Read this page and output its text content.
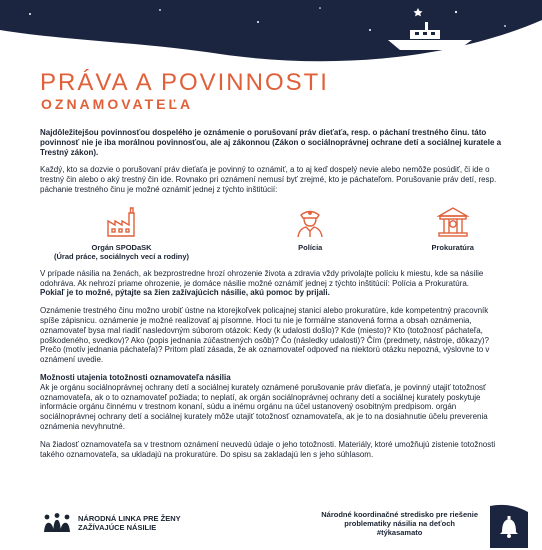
PRÁVA A POVINNOSTI
OZNAMOVATEĽA

Najdôležitejšou povinnosťou dospelého je oznámenie o porušovaní práv dieťaťa, resp. o páchaní trestného činu. táto povinnosť nie je iba morálnou povinnosťou, ale aj zákonnou (Zákon o sociálnoprávnej ochrane detí a sociálnej kuratele a Trestný zákon).

Každý, kto sa dozvie o porušovaní práv dieťaťa je povinný to oznámiť, a to aj keď dospelý nevie alebo nemôže posúdiť, či ide o trestný čin alebo o aký trestný čin ide. Rovnako pri oznámení nemusí byť zrejmé, kto je páchateľom. Porušovanie práv detí, resp. páchanie trestného činu je možné oznámiť jednej z týchto inštitúcií:

Orgán SPODaSK
(Úrad práce, sociálnych vecí a rodiny)
Polícia	Prokuratúra

V prípade násilia na ženách, ak bezprostredne hrozí ohrozenie života a zdravia vždy privolajte políciu k miestu, kde sa násilie odohráva. Ak nehrozí priame ohrozenie, je domáce násilie možné oznámiť jednej z týchto inštitúcií: Polícia a Prokuratúra.

Pokiaľ je to možné, pýtajte sa žien zažívajúcich násilie, akú pomoc by prijali.

Oznámenie trestného činu možno urobiť ústne na ktorejkoľvek policajnej stanici alebo prokuratúre, kde kompetentný pracovník spíše zápisnicu. oznámenie je možné realizovať aj písomne. Hoci tu nie je formálne stanovená forma a obsah oznámenia, oznamovateľ bysa mal riadiť nasledovným súborom otázok: Kedy (k udalosti došlo)? Kde (miesto)? Kto (totožnosť páchateľa, poškodeného, svedkov)? Ako (popis jednania zúčastnených osôb)? Čo (následky udalosti)? Čím (predmety, nástroje, dôkazy)? Prečo (motív jednania páchateľa)? Pritom platí zásada, že ak oznamovateľ odpoveď na niektorú otázku nepozná, výslovne to v oznámení uvedie.

Možnosti utajenia totožnosti oznamovateľa násilia

Ak je orgánu sociálnoprávnej ochrany detí a sociálnej kurately oznámené porušovanie práv dieťaťa, je povinný utajiť totožnosť oznamovateľa, ak o to oznamovateľ požiada; to neplatí, ak orgán sociálnoprávnej ochrany detí a sociálnej kurately poskytuje informácie orgánu činnému v trestnom konaní, súdu a inému orgánu na účel ustanovený osobitným predpisom. orgán sociálnoprávnej ochrany detí a sociálnej kurately môže utajiť totožnosť oznamovateľa, ak je to na dosiahnutie účelu preverenia oznámenia nevyhnutné.

Na žiadosť oznamovateľa sa v trestnom oznámení neuvedú údaje o jeho totožnosti. Materiály, ktoré umožňujú zistenie totožnosti takého oznamovateľa, sa ukladajú na prokuratúre. Do spisu sa zakladajú len s jeho súhlasom.

NÁRODNÁ LINKA PRE ŽENY
ZAŽÍVAJÚCE NÁSILIE
Národné koordinačné stredisko pre riešenie
problematiky násilia na deťoch
#týkasamato
